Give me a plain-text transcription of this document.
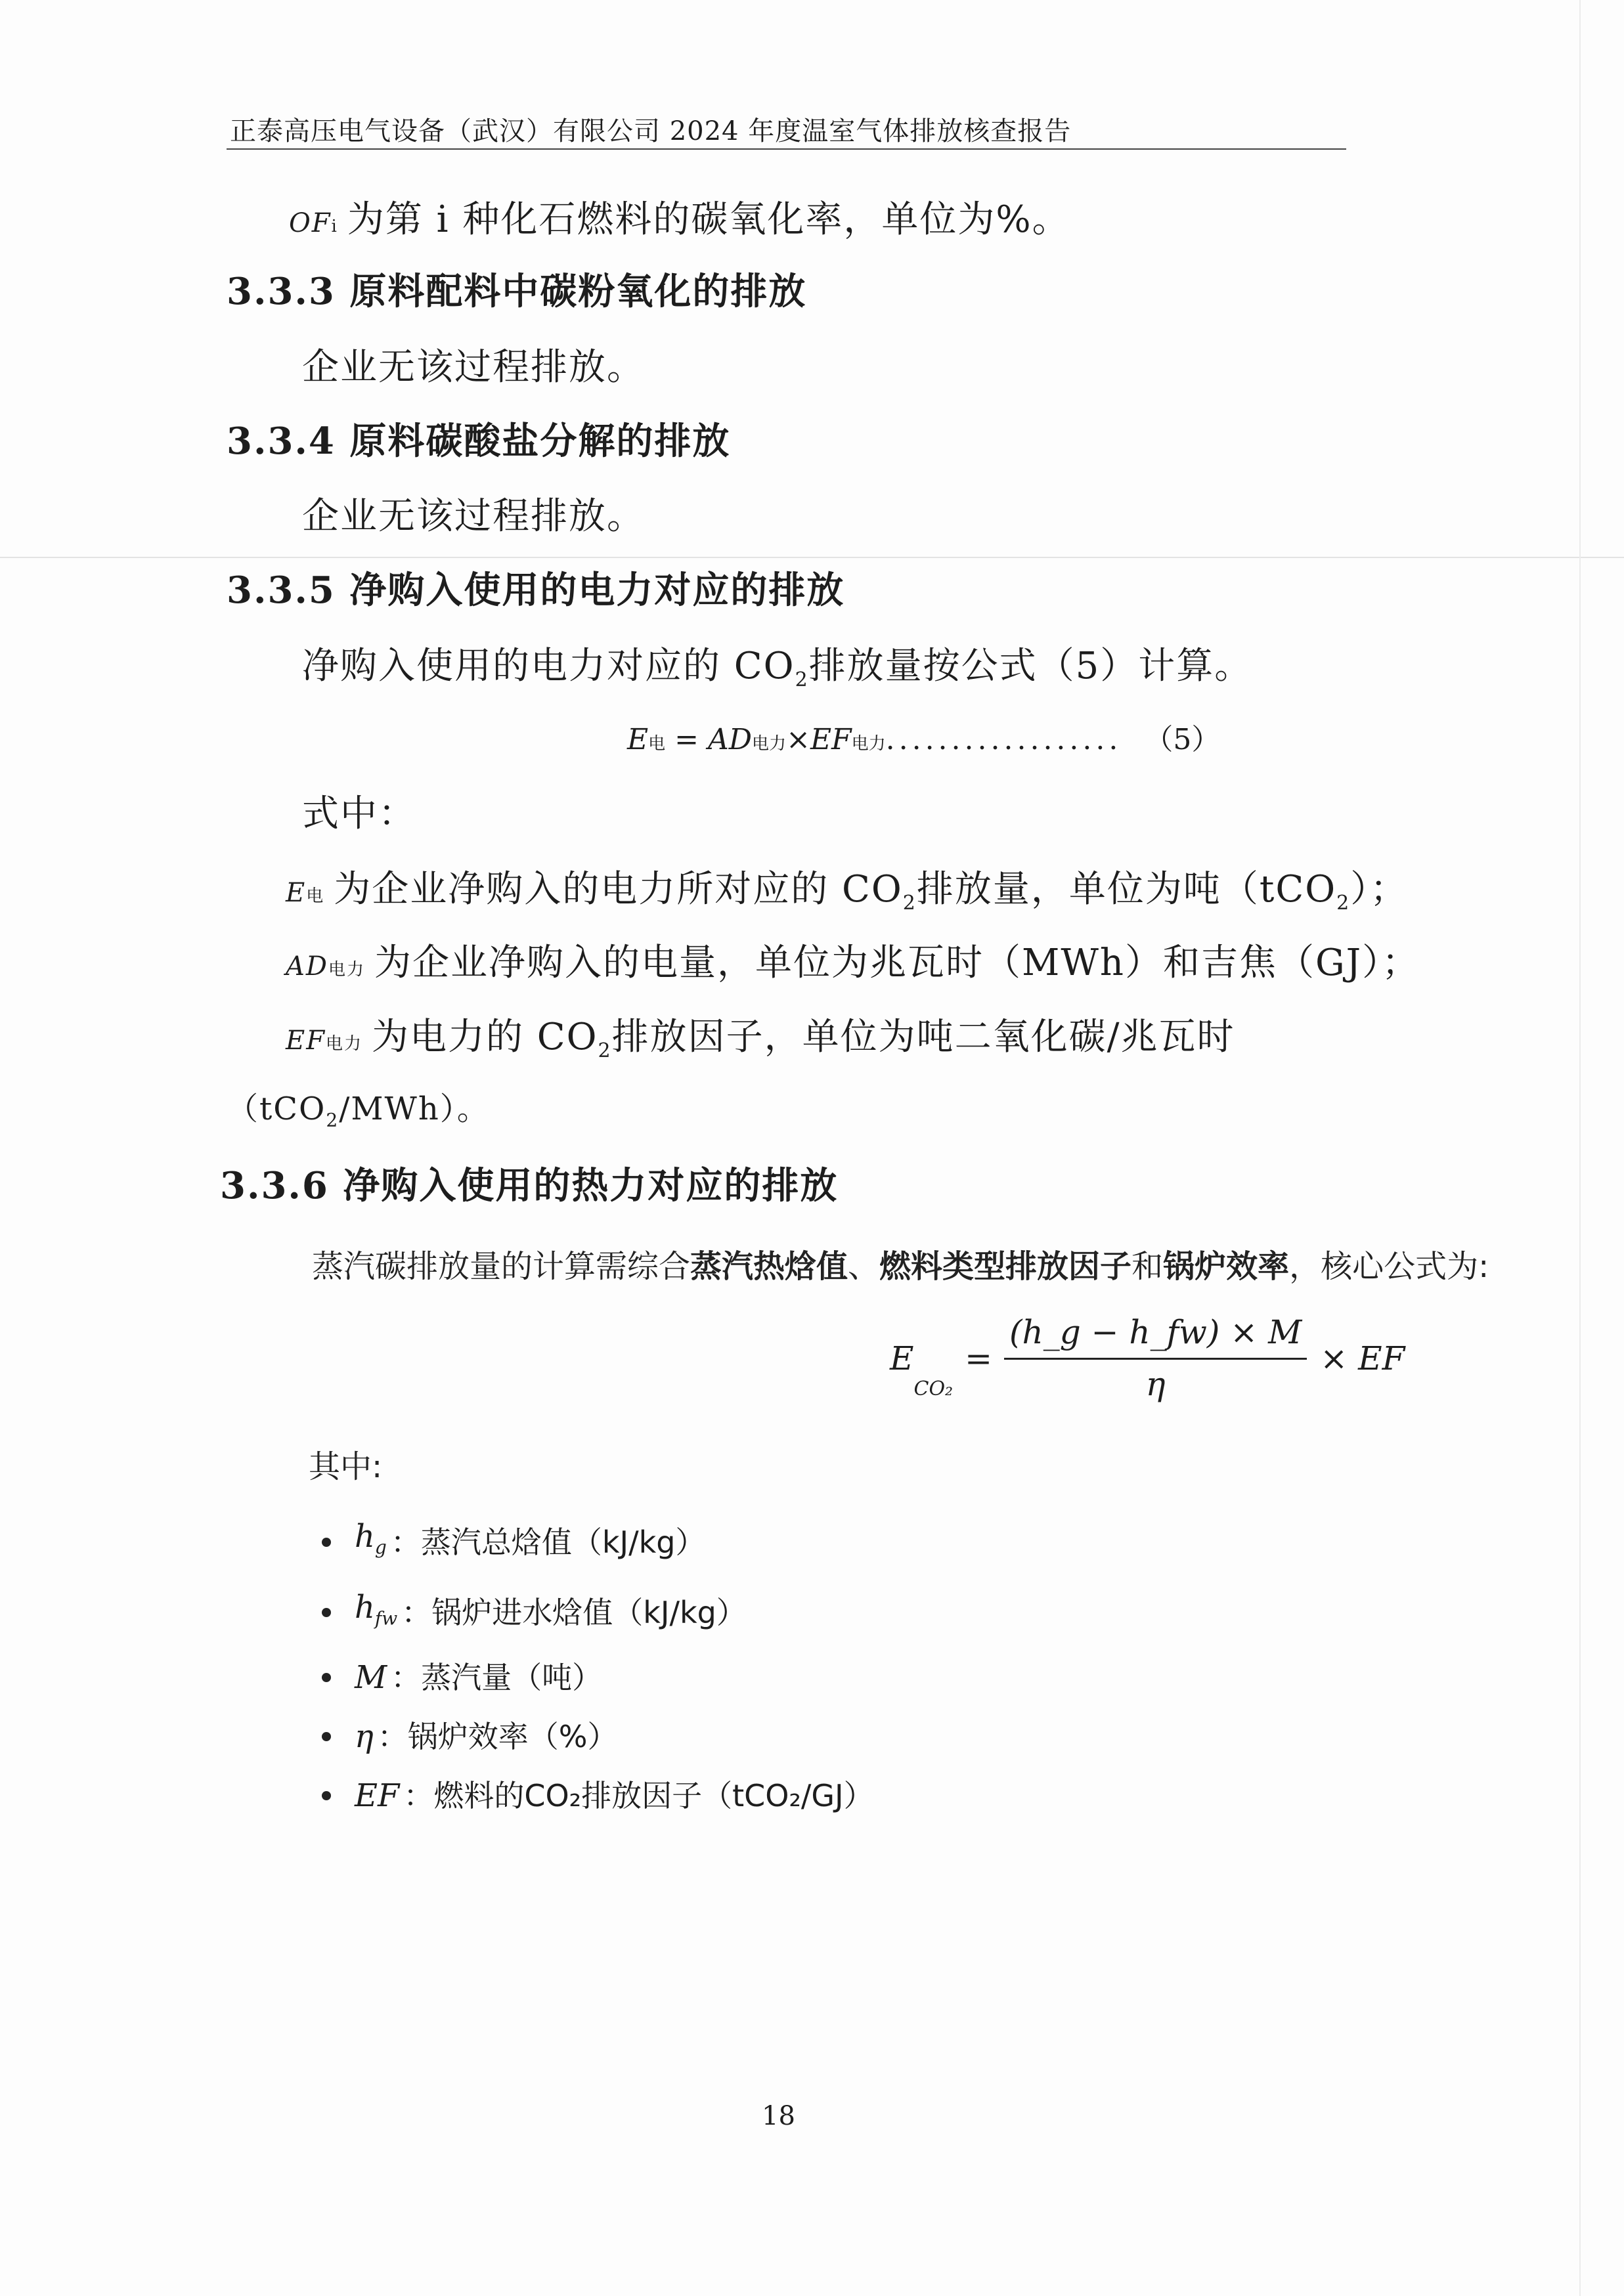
正泰高压电气设备（武汉）有限公司 2024 年度温室气体排放核查报告
OFi 为第 i 种化石燃料的碳氧化率，单位为%。
3.3.3 原料配料中碳粉氧化的排放
企业无该过程排放。
3.3.4 原料碳酸盐分解的排放
企业无该过程排放。
3.3.5 净购入使用的电力对应的排放
净购入使用的电力对应的 $CO_2$排放量按公式（5）计算。
E电 = AD电力×EF电力.................. （5）
式中：
E电 为企业净购入的电力所对应的 $CO_2$排放量，单位为吨（tCO$_2$）；
AD电力 为企业净购入的电量，单位为兆瓦时（MWh）和吉焦（GJ）；
EF电力 为电力的 $CO_2$排放因子，单位为吨二氧化碳/兆瓦时
（tCO$_2$/MWh）。
3.3.6 净购入使用的热力对应的排放
蒸汽碳排放量的计算需综合蒸汽热焓值、燃料类型排放因子和锅炉效率，核心公式为:
E
CO₂
= $\frac{(h\_g - h\_fw) \times M}{\eta}$ × EF
其中:
$h_g$ ：蒸汽总焓值（kJ/kg）
$h_{fw}$ ：锅炉进水焓值（kJ/kg）
M ：蒸汽量（吨）
η ：锅炉效率（%）
EF ：燃料的CO₂排放因子（tCO₂/GJ）
18
